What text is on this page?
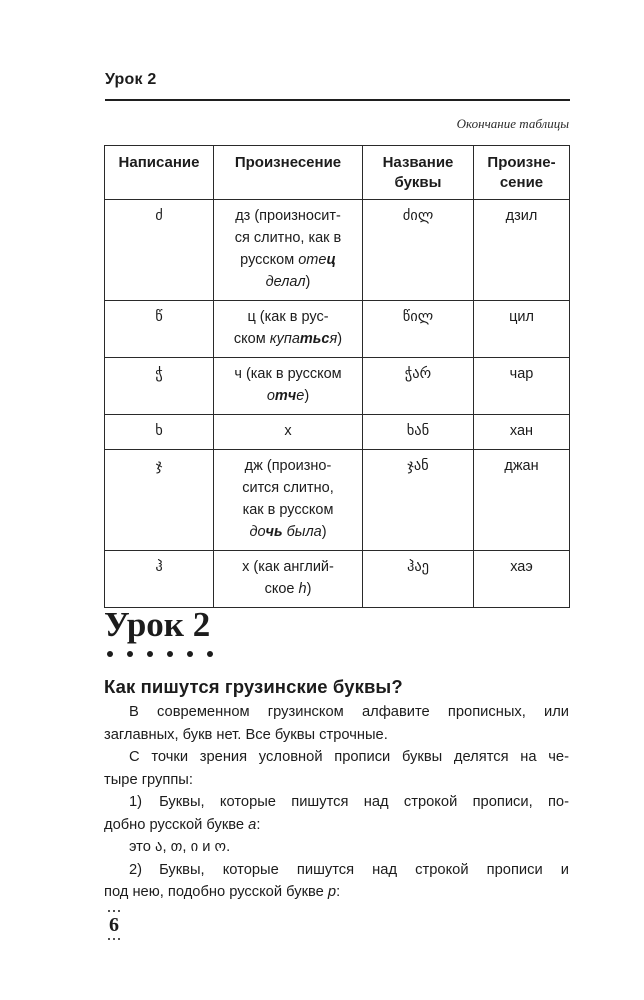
Урок 2
Окончание таблицы
Написание	Произнесение	Название
буквы	Произне-
сение
ძ	дз (произносит-
ся слитно, как в
русском отец
делал)	ძილ	дзил
წ	ц (как в рус-
ском купаться)	წილ	цил
ჭ	ч (как в русском
отче)	ჭარ	чар
ხ	х	ხან	хан
ჯ	дж (произно-
сится слитно,
как в русском
дочь была)	ჯან	джан
ჰ	х (как англий-
ское h)	ჰაე	хаэ
Урок 2
Как пишутся грузинские буквы?
В современном грузинском алфавите прописных, или
заглавных, букв нет. Все буквы строчные.
С точки зрения условной прописи буквы делятся на че-
тыре группы:
1) Буквы, которые пишутся над строкой прописи, по-
добно русской букве а:
это ა, თ, ი и ო.
2) Буквы, которые пишутся над строкой прописи и
под нею, подобно русской букве р:
6
